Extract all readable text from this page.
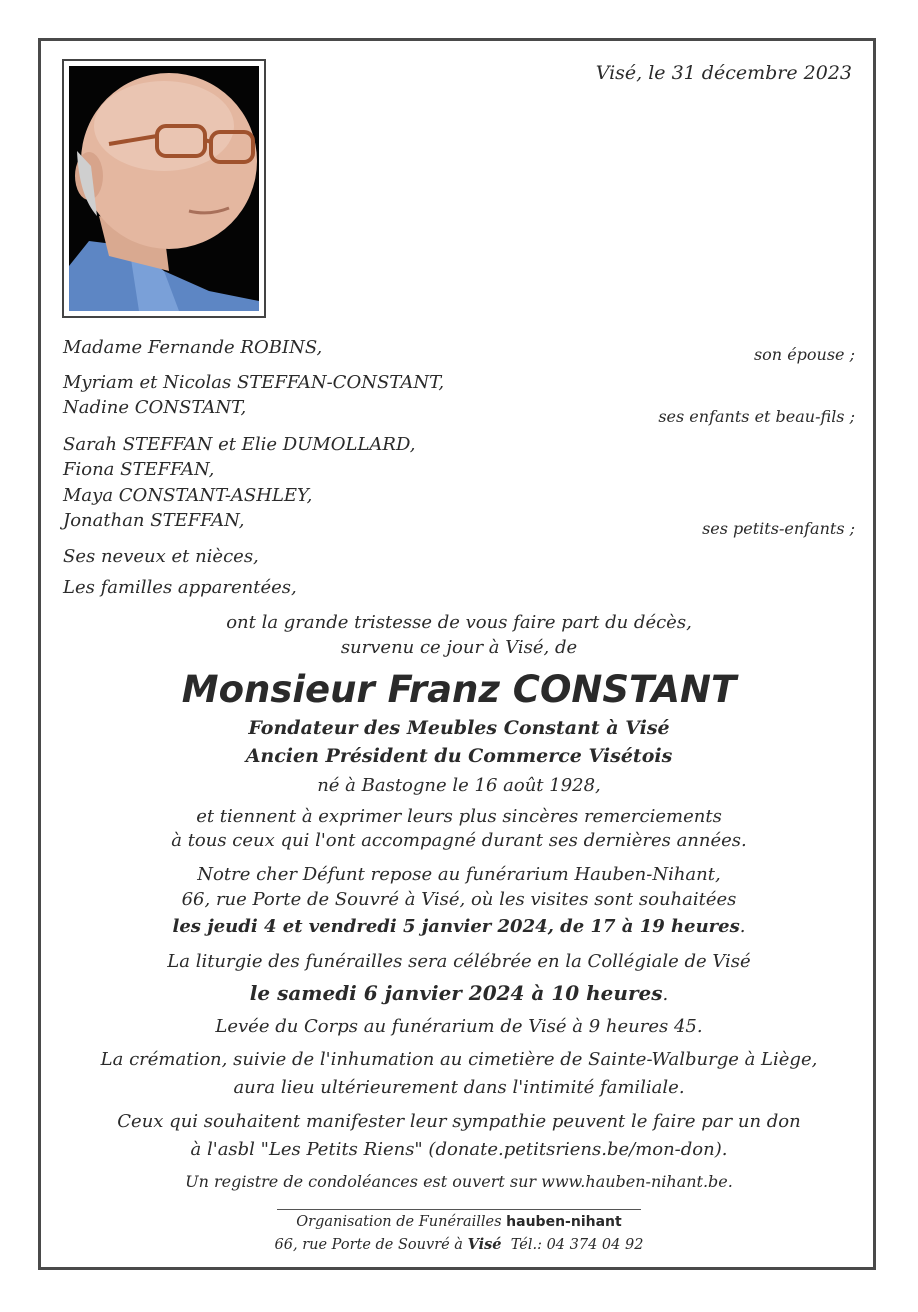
Visé, le 31 décembre 2023
Madame Fernande ROBINS,	son épouse ;
Myriam et Nicolas STEFFAN-CONSTANT,
Nadine CONSTANT,	ses enfants et beau-fils ;
Sarah STEFFAN et Elie DUMOLLARD,
Fiona STEFFAN,
Maya CONSTANT-ASHLEY,
Jonathan STEFFAN,	ses petits-enfants ;
Ses neveux et nièces,
Les familles apparentées,
ont la grande tristesse de vous faire part du décès,
survenu ce jour à Visé, de
Monsieur Franz CONSTANT
Fondateur des Meubles Constant à Visé
Ancien Président du Commerce Visétois
né à Bastogne le 16 août 1928,
et tiennent à exprimer leurs plus sincères remerciements
à tous ceux qui l'ont accompagné durant ses dernières années.
Notre cher Défunt repose au funérarium Hauben-Nihant,
66, rue Porte de Souvré à Visé, où les visites sont souhaitées
les jeudi 4 et vendredi 5 janvier 2024, de 17 à 19 heures.
La liturgie des funérailles sera célébrée en la Collégiale de Visé
le samedi 6 janvier 2024 à 10 heures.
Levée du Corps au funérarium de Visé à 9 heures 45.
La crémation, suivie de l'inhumation au cimetière de Sainte-Walburge à Liège,
aura lieu ultérieurement dans l'intimité familiale.
Ceux qui souhaitent manifester leur sympathie peuvent le faire par un don
à l'asbl "Les Petits Riens" (donate.petitsriens.be/mon-don).
Un registre de condoléances est ouvert sur www.hauben-nihant.be.
Organisation de Funérailles hauben-nihant
66, rue Porte de Souvré à Visé Tél.: 04 374 04 92
